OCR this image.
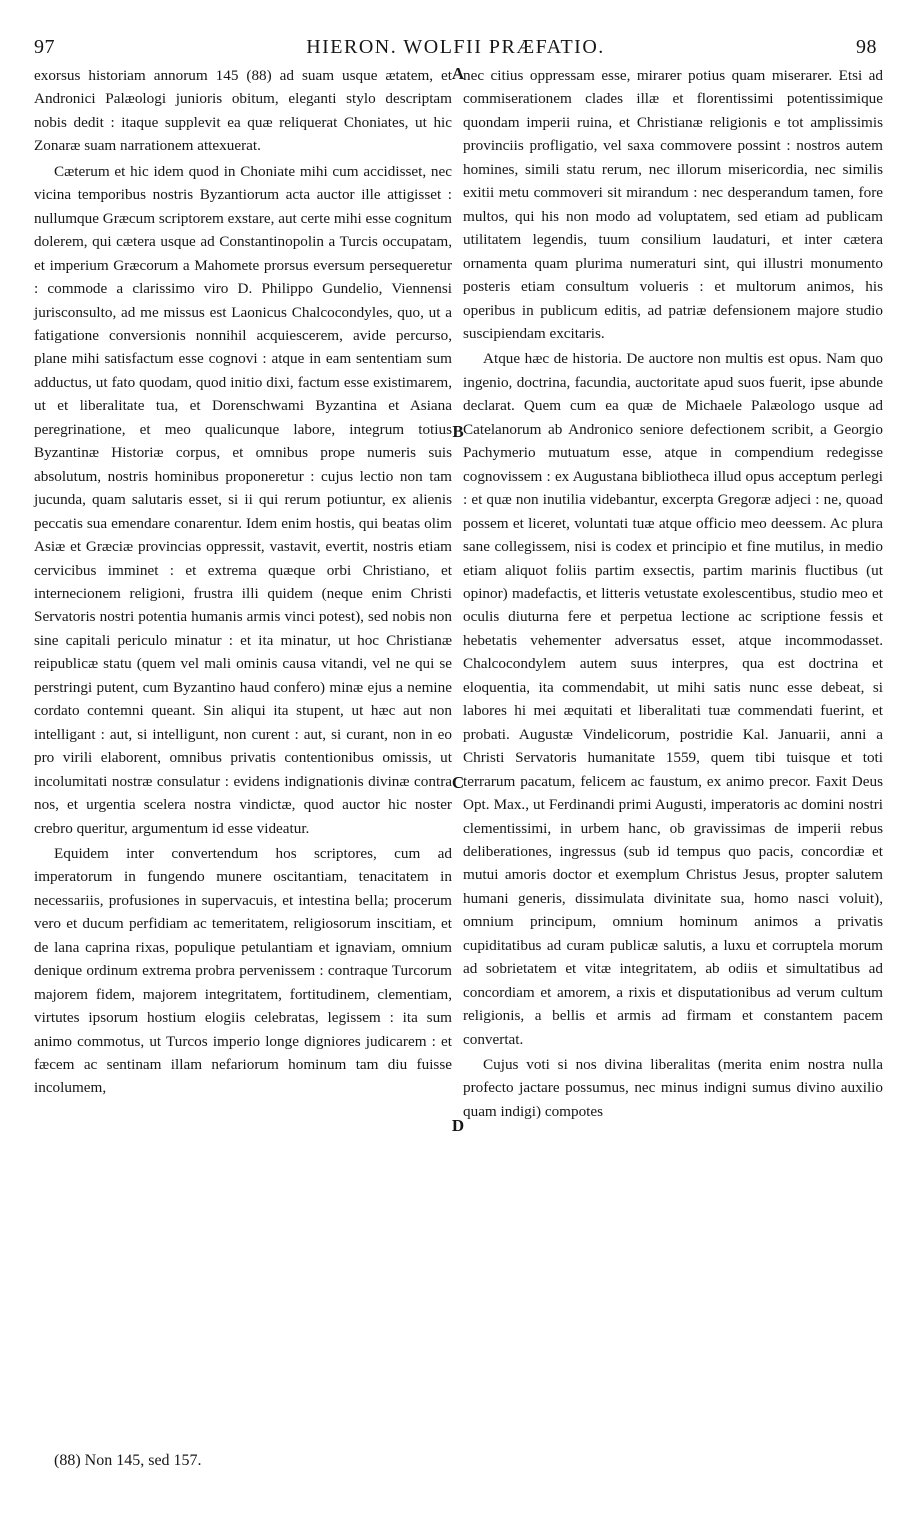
97	HIERON. WOLFII PRÆFATIO.	98

exorsus historiam annorum 145 (88) ad suam usque ætatem, et Andronici Palæologi junioris obitum, eleganti stylo descriptam nobis dedit : itaque supplevit ea quæ reliquerat Choniates, ut hic Zonaræ suam narrationem attexuerat.

Cæterum et hic idem quod in Choniate mihi cum accidisset, nec vicina temporibus nostris Byzantiorum acta auctor ille attigisset : nullumque Græcum scriptorem exstare, aut certe mihi esse cognitum dolerem, qui cætera usque ad Constantinopolin a Turcis occupatam, et imperium Græcorum a Mahomete prorsus eversum persequeretur : commode a clarissimo viro D. Philippo Gundelio, Viennensi jurisconsulto, ad me missus est Laonicus Chalcocondyles, quo, ut a fatigatione conversionis nonnihil acquiescerem, avide percurso, plane mihi satisfactum esse cognovi : atque in eam sententiam sum adductus, ut fato quodam, quod initio dixi, factum esse existimarem, ut et liberalitate tua, et Dorenschwami Byzantina et Asiana peregrinatione, et meo qualicunque labore, integrum totius Byzantinæ Historiæ corpus, et omnibus prope numeris suis absolutum, nostris hominibus proponeretur : cujus lectio non tam jucunda, quam salutaris esset, si ii qui rerum potiuntur, ex alienis peccatis sua emendare conarentur. Idem enim hostis, qui beatas olim Asiæ et Græciæ provincias oppressit, vastavit, evertit, nostris etiam cervicibus imminet : et extrema quæque orbi Christiano, et internecionem religioni, frustra illi quidem (neque enim Christi Servatoris nostri potentia humanis armis vinci potest), sed nobis non sine capitali periculo minatur : et ita minatur, ut hoc Christianæ reipublicæ statu (quem vel mali ominis causa vitandi, vel ne qui se perstringi putent, cum Byzantino haud confero) minæ ejus a nemine cordato contemni queant. Sin aliqui ita stupent, ut hæc aut non intelligant : aut, si intelligunt, non curent : aut, si curant, non in eo pro virili elaborent, omnibus privatis contentionibus omissis, ut incolumitati nostræ consulatur : evidens indignationis divinæ contra nos, et urgentia scelera nostra vindictæ, quod auctor hic noster crebro queritur, argumentum id esse videatur.

Equidem inter convertendum hos scriptores, cum ad imperatorum in fungendo munere oscitantiam, tenacitatem in necessariis, profusiones in supervacuis, et intestina bella; procerum vero et ducum perfidiam ac temeritatem, religiosorum inscitiam, et de lana caprina rixas, populique petulantiam et ignaviam, omnium denique ordinum extrema probra pervenissem : contraque Turcorum majorem fidem, majorem integritatem, fortitudinem, clementiam, virtutes ipsorum hostium elogiis celebratas, legissem : ita sum animo commotus, ut Turcos imperio longe digniores judicarem : et fæcem ac sentinam illam nefariorum hominum tam diu fuisse incolumem,

A
B
C
D

nec citius oppressam esse, mirarer potius quam miserarer. Etsi ad commiserationem clades illæ et florentissimi potentissimique quondam imperii ruina, et Christianæ religionis e tot amplissimis provinciis profligatio, vel saxa commovere possint : nostros autem homines, simili statu rerum, nec illorum misericordia, nec similis exitii metu commoveri sit mirandum : nec desperandum tamen, fore multos, qui his non modo ad voluptatem, sed etiam ad publicam utilitatem legendis, tuum consilium laudaturi, et inter cætera ornamenta quam plurima numeraturi sint, qui illustri monumento posteris etiam consultum volueris : et multorum animos, his operibus in publicum editis, ad patriæ defensionem majore studio suscipiendam excitaris.

Atque hæc de historia. De auctore non multis est opus. Nam quo ingenio, doctrina, facundia, auctoritate apud suos fuerit, ipse abunde declarat. Quem cum ea quæ de Michaele Palæologo usque ad Catelanorum ab Andronico seniore defectionem scribit, a Georgio Pachymerio mutuatum esse, atque in compendium redegisse cognovissem : ex Augustana bibliotheca illud opus acceptum perlegi : et quæ non inutilia videbantur, excerpta Gregoræ adjeci : ne, quoad possem et liceret, voluntati tuæ atque officio meo deessem. Ac plura sane collegissem, nisi is codex et principio et fine mutilus, in medio etiam aliquot foliis partim exsectis, partim marinis fluctibus (ut opinor) madefactis, et litteris vetustate exolescentibus, studio meo et oculis diuturna fere et perpetua lectione ac scriptione fessis et hebetatis vehementer adversatus esset, atque incommodasset. Chalcocondylem autem suus interpres, qua est doctrina et eloquentia, ita commendabit, ut mihi satis nunc esse debeat, si labores hi mei æquitati et liberalitati tuæ commendati fuerint, et probati. Augustæ Vindelicorum, postridie Kal. Januarii, anni a Christi Servatoris humanitate 1559, quem tibi tuisque et toti terrarum pacatum, felicem ac faustum, ex animo precor. Faxit Deus Opt. Max., ut Ferdinandi primi Augusti, imperatoris ac domini nostri clementissimi, in urbem hanc, ob gravissimas de imperii rebus deliberationes, ingressus (sub id tempus quo pacis, concordiæ et mutui amoris doctor et exemplum Christus Jesus, propter salutem humani generis, dissimulata divinitate sua, homo nasci voluit), omnium principum, omnium hominum animos a privatis cupiditatibus ad curam publicæ salutis, a luxu et corruptela morum ad sobrietatem et vitæ integritatem, ab odiis et simultatibus ad concordiam et amorem, a rixis et disputationibus ad verum cultum religionis, a bellis et armis ad firmam et constantem pacem convertat.

Cujus voti si nos divina liberalitas (merita enim nostra nulla profecto jactare possumus, nec minus indigni sumus divino auxilio quam indigi) compotes

(88) Non 145, sed 157.
